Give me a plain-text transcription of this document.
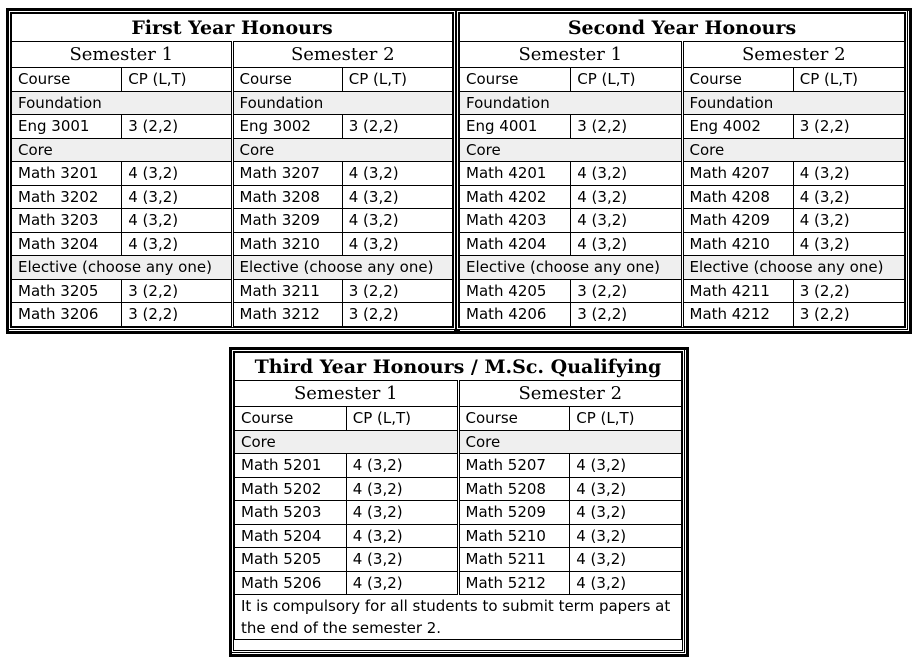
First Year Honours			
Semester 1		Semester 2	
Course	CP (L,T)	Course	CP (L,T)
Foundation		Foundation	
Eng 3001	3 (2,2)	Eng 3002	3 (2,2)
Core		Core	
Math 3201	4 (3,2)	Math 3207	4 (3,2)
Math 3202	4 (3,2)	Math 3208	4 (3,2)
Math 3203	4 (3,2)	Math 3209	4 (3,2)
Math 3204	4 (3,2)	Math 3210	4 (3,2)
Elective (choose any one)		Elective (choose any one)	
Math 3205	3 (2,2)	Math 3211	3 (2,2)
Math 3206	3 (2,2)	Math 3212	3 (2,2)
Second Year Honours			
Semester 1		Semester 2	
Course	CP (L,T)	Course	CP (L,T)
Foundation		Foundation	
Eng 4001	3 (2,2)	Eng 4002	3 (2,2)
Core		Core	
Math 4201	4 (3,2)	Math 4207	4 (3,2)
Math 4202	4 (3,2)	Math 4208	4 (3,2)
Math 4203	4 (3,2)	Math 4209	4 (3,2)
Math 4204	4 (3,2)	Math 4210	4 (3,2)
Elective (choose any one)		Elective (choose any one)	
Math 4205	3 (2,2)	Math 4211	3 (2,2)
Math 4206	3 (2,2)	Math 4212	3 (2,2)
Third Year Honours / M.Sc. Qualifying			
Semester 1		Semester 2	
Course	CP (L,T)	Course	CP (L,T)
Core		Core	
Math 5201	4 (3,2)	Math 5207	4 (3,2)
Math 5202	4 (3,2)	Math 5208	4 (3,2)
Math 5203	4 (3,2)	Math 5209	4 (3,2)
Math 5204	4 (3,2)	Math 5210	4 (3,2)
Math 5205	4 (3,2)	Math 5211	4 (3,2)
Math 5206	4 (3,2)	Math 5212	4 (3,2)
It is compulsory for all students to submit term papers at the end of the semester 2.			
